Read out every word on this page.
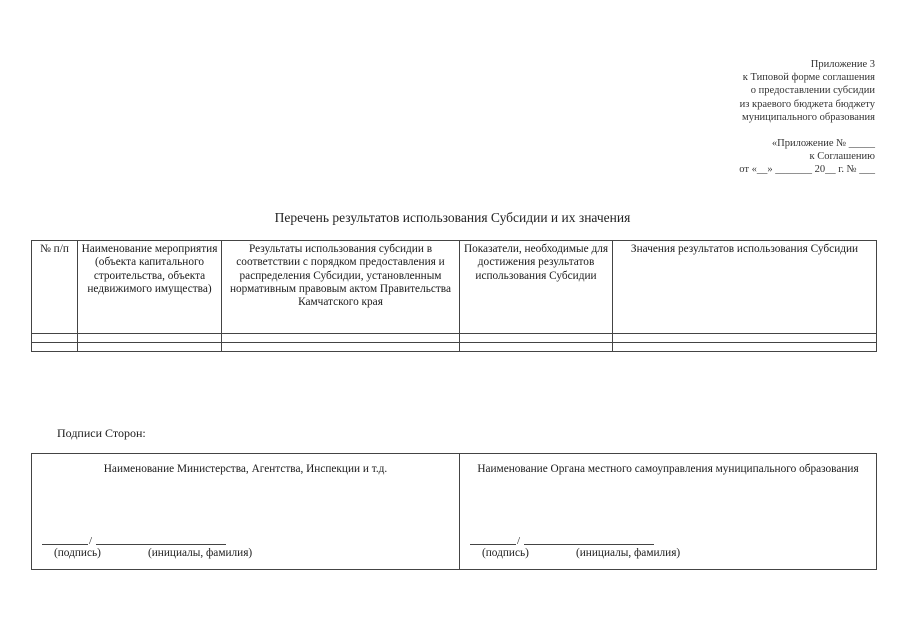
Приложение 3
к Типовой форме соглашения
о предоставлении субсидии
из краевого бюджета бюджету
муниципального образования
«Приложение № _____
к Соглашению
от «__» _______ 20__ г. № ___
Перечень результатов использования Субсидии и их значения
№ п/п	Наименование мероприятия (объекта капитального строительства, объекта недвижимого имущества)	Результаты использования субсидии в соответствии с порядком предоставления и распределения Субсидии, установленным нормативным правовым актом Правительства Камчатского края	Показатели, необходимые для достижения результатов использования Субсидии	Значения результатов использования Субсидии

Подписи Сторон:
Наименование Министерства, Агентства, Инспекции и т.д.
/
(подпись)	(инициалы, фамилия)

Наименование Органа местного самоуправления муниципального образования
/
(подпись)	(инициалы, фамилия)
